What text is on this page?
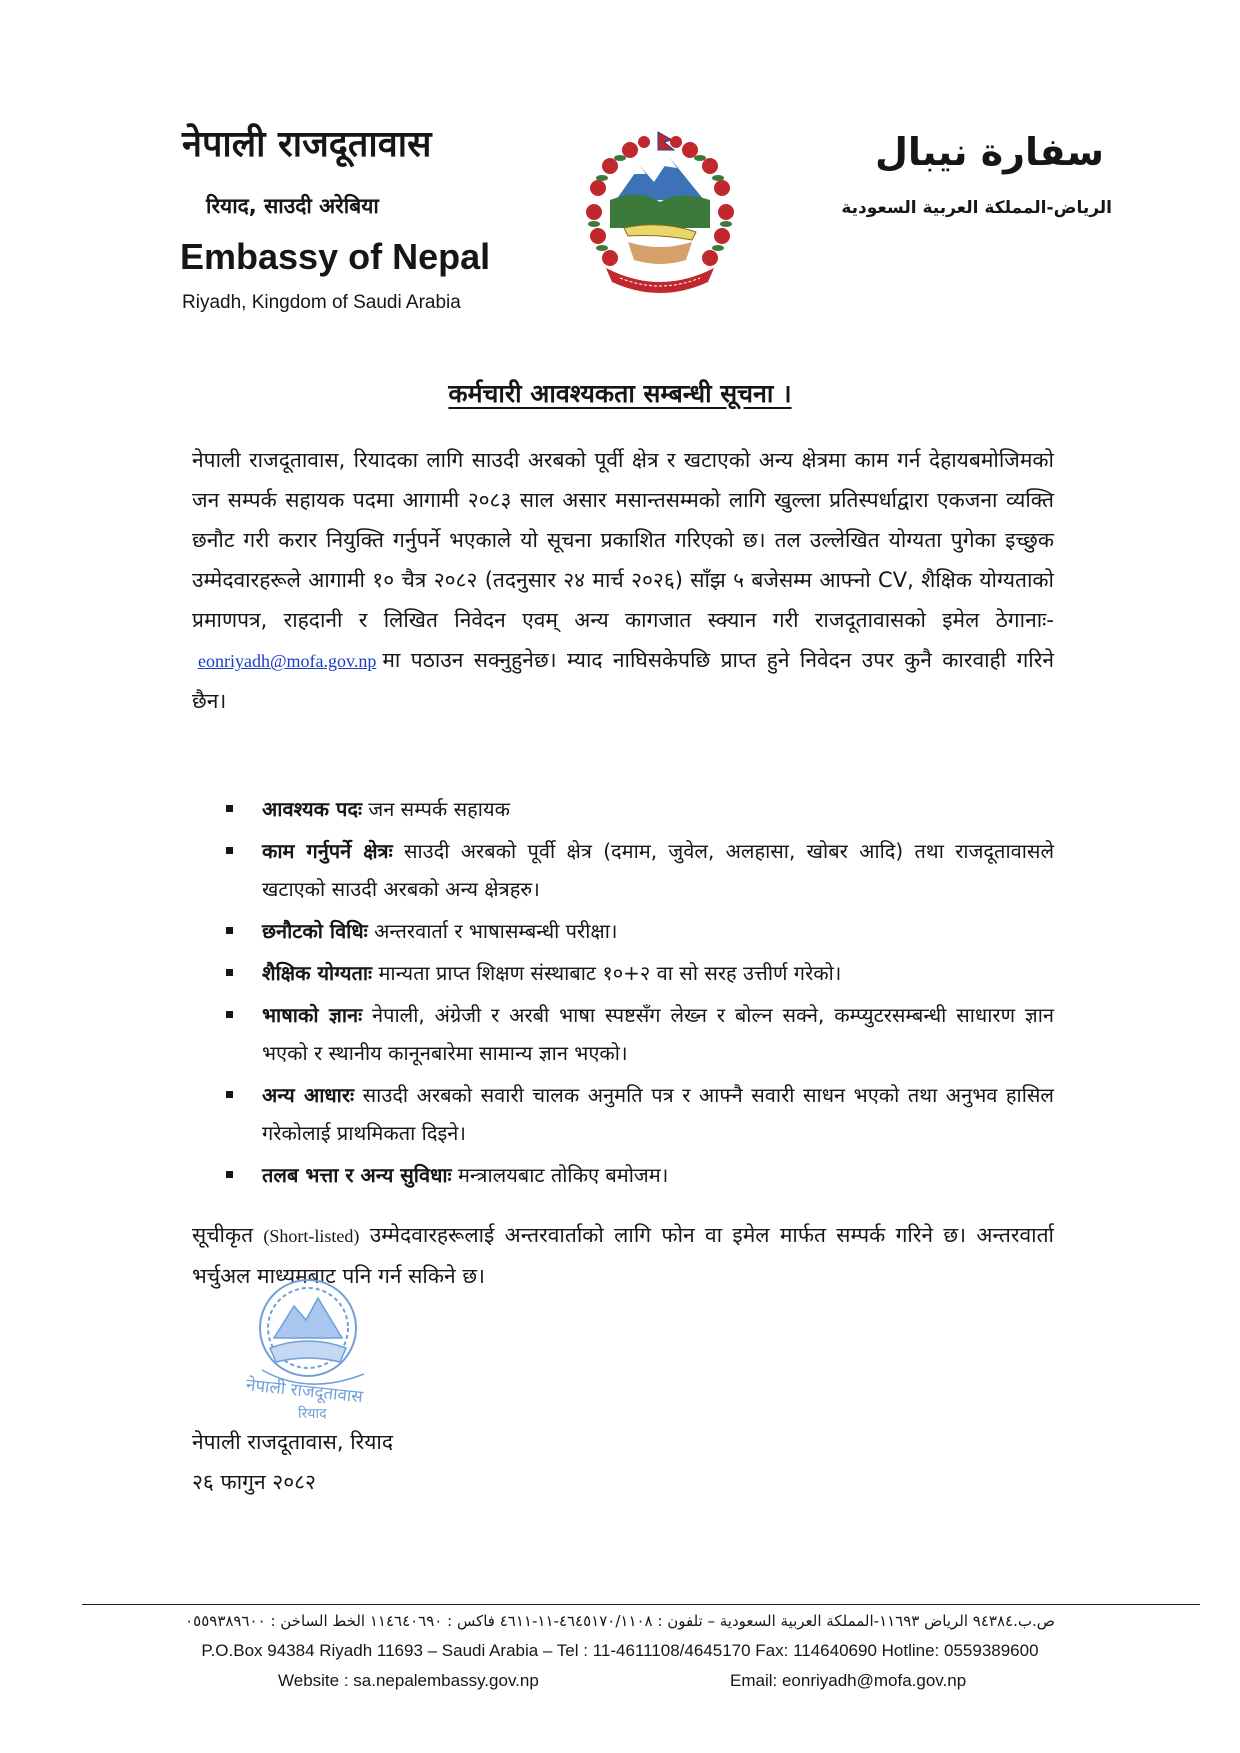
नेपाली राजदूतावास
रियाद, साउदी अरेबिया
Embassy of Nepal
Riyadh, Kingdom of Saudi Arabia
سفارة نيبال
الرياض-المملكة العربية السعودية
कर्मचारी आवश्यकता सम्बन्धी सूचना ।

नेपाली राजदूतावास, रियादका लागि साउदी अरबको पूर्वी क्षेत्र र खटाएको अन्य क्षेत्रमा काम गर्न देहायबमोजिमको जन सम्पर्क सहायक पदमा आगामी २०८३ साल असार मसान्तसम्मको लागि खुल्ला प्रतिस्पर्धाद्वारा एकजना व्यक्ति छनौट गरी करार नियुक्ति गर्नुपर्ने भएकाले यो सूचना प्रकाशित गरिएको छ। तल उल्लेखित योग्यता पुगेका इच्छुक उम्मेदवारहरूले आगामी १० चैत्र २०८२ (तदनुसार २४ मार्च २०२६) साँझ ५ बजेसम्म आफ्नो CV, शैक्षिक योग्यताको प्रमाणपत्र, राहदानी र लिखित निवेदन एवम् अन्य कागजात स्क्यान गरी राजदूतावासको इमेल ठेगानाः-eonriyadh@mofa.gov.np मा पठाउन सक्नुहुनेछ। म्याद नाघिसकेपछि प्राप्त हुने निवेदन उपर कुनै कारवाही गरिने छैन।

आवश्यक पदः जन सम्पर्क सहायक
काम गर्नुपर्ने क्षेत्रः साउदी अरबको पूर्वी क्षेत्र (दमाम, जुवेल, अलहासा, खोबर आदि) तथा राजदूतावासले खटाएको साउदी अरबको अन्य क्षेत्रहरु।
छनौटको विधिः अन्तरवार्ता र भाषासम्बन्धी परीक्षा।
शैक्षिक योग्यताः मान्यता प्राप्त शिक्षण संस्थाबाट १०+२ वा सो सरह उत्तीर्ण गरेको।
भाषाको ज्ञानः नेपाली, अंग्रेजी र अरबी भाषा स्पष्टसँग लेख्न र बोल्न सक्ने, कम्प्युटरसम्बन्धी साधारण ज्ञान भएको र स्थानीय कानूनबारेमा सामान्य ज्ञान भएको।
अन्य आधारः साउदी अरबको सवारी चालक अनुमति पत्र र आफ्नै सवारी साधन भएको तथा अनुभव हासिल गरेकोलाई प्राथमिकता दिइने।
तलब भत्ता र अन्य सुविधाः मन्त्रालयबाट तोकिए बमोजम।

सूचीकृत (Short-listed) उम्मेदवारहरूलाई अन्तरवार्ताको लागि फोन वा इमेल मार्फत सम्पर्क गरिने छ। अन्तरवार्ता भर्चुअल माध्यमबाट पनि गर्न सकिने छ।

नेपाली राजदूतावास
रियाद
नेपाली राजदूतावास, रियाद
२६ फागुन २०८२
ص.ب.٩٤٣٨٤ الرياض ١١٦٩٣-المملكة العربية السعودية – تلفون : ٤٦٤٥١٧٠/١١٠٨-١١-٤٦١١ فاكس : ١١٤٦٤٠٦٩٠ الخط الساخن : ٠٥٥٩٣٨٩٦٠٠
P.O.Box 94384 Riyadh 11693 – Saudi Arabia – Tel : 11-4611108/4645170 Fax: 114640690 Hotline: 0559389600
Website : sa.nepalembassy.gov.np	Email: eonriyadh@mofa.gov.np
